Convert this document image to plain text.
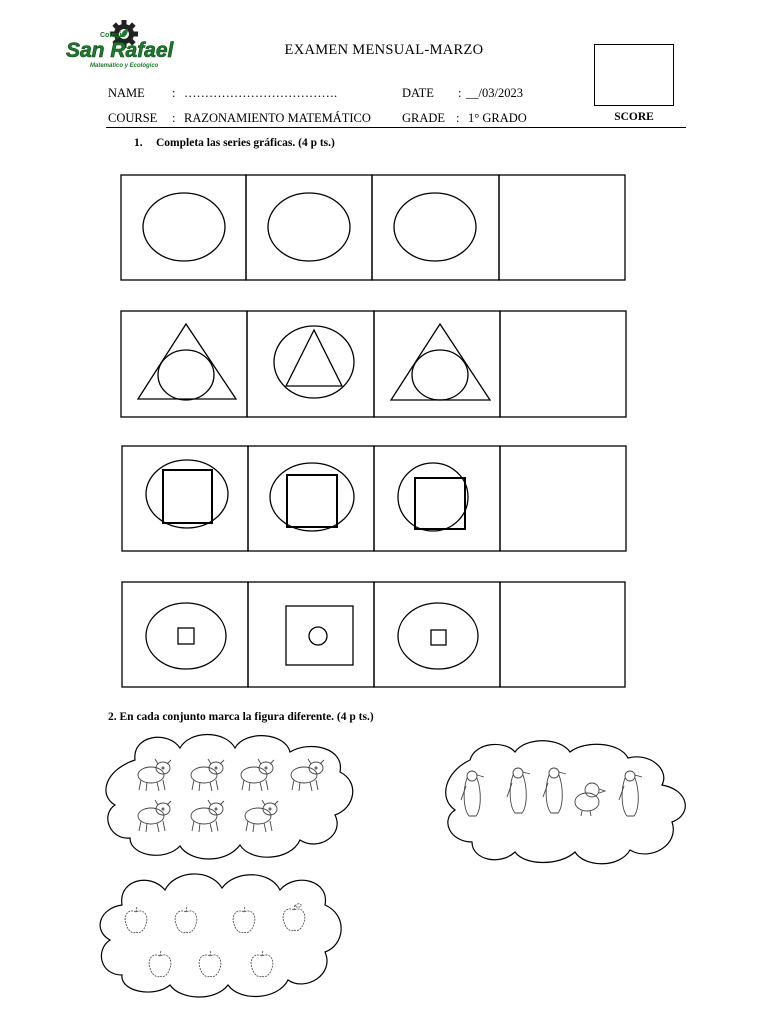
Colegio
San Rafael
Matemático y Ecológico
EXAMEN MENSUAL-MARZO
NAME : ……………………………….	DATE : __/03/2023
COURSE : RAZONAMIENTO MATEMÁTICO GRADE : 1° GRADO	SCORE
1. Completa las series gráficas. (4 p ts.)
2. En cada conjunto marca la figura diferente. (4 p ts.)
